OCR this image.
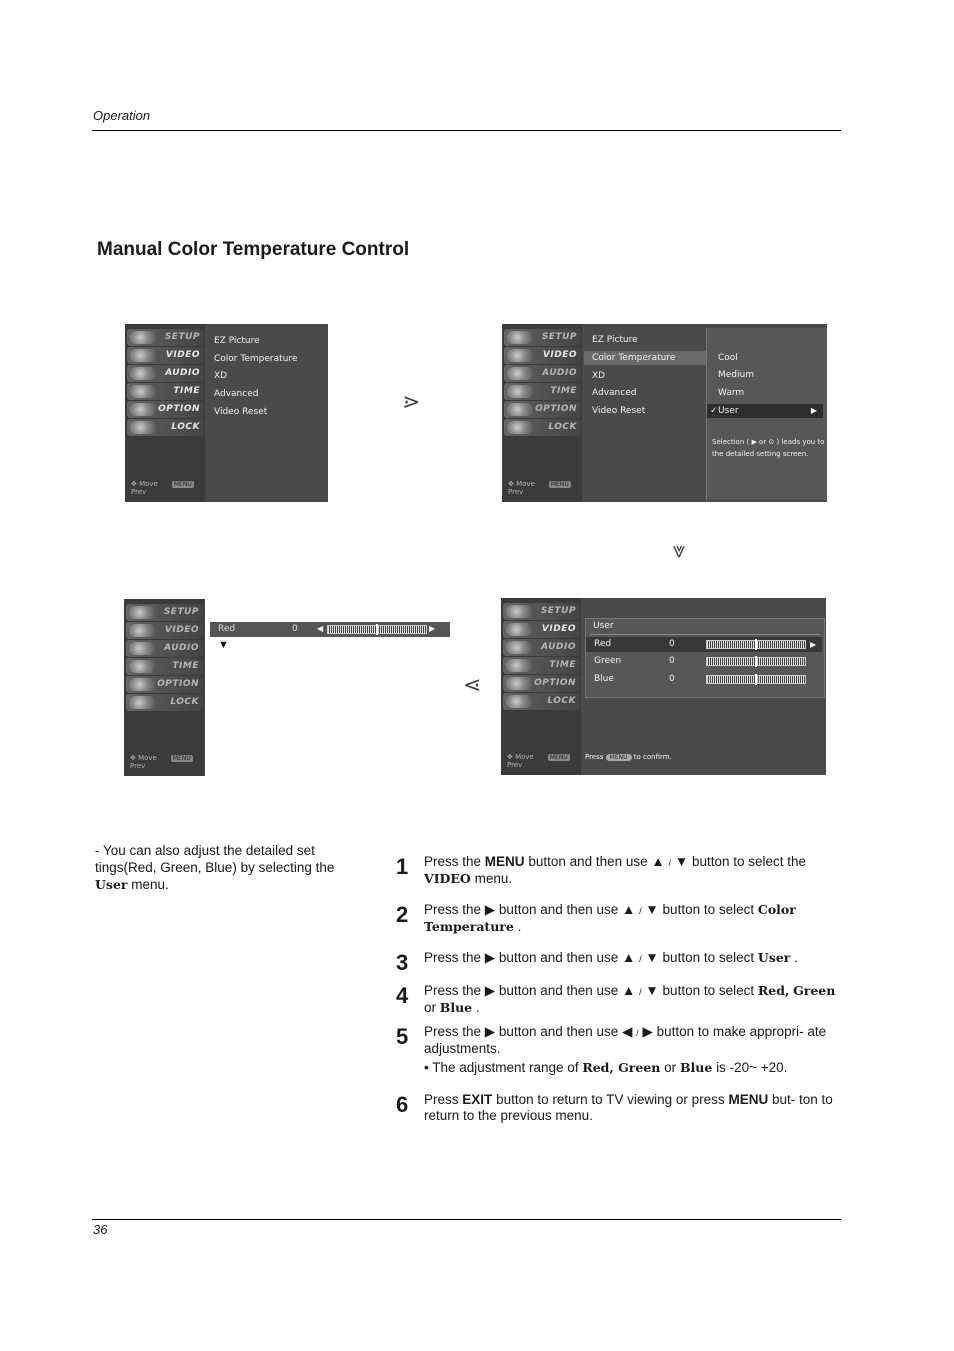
Operation
Manual Color Temperature Control
SETUP
VIDEO
AUDIO
TIME
OPTION
LOCK
✥ Move	MENU Prev
EZ Picture
Color Temperature
XD
Advanced
Video Reset	⋗
SETUP
VIDEO
AUDIO
TIME
OPTION
LOCK
✥ Move	MENU Prev
EZ Picture
Color Temperature
XD
Advanced
Video Reset
Cool
Medium
Warm
✓ User	▶
Selection ( ▶ or ⊙ ) leads you to the detailed setting screen.
⩔
SETUP
VIDEO
AUDIO
TIME
OPTION
LOCK
✥ Move	MENU Prev
Red	0 ◀	▶
▼
⋖
SETUP
VIDEO
AUDIO
TIME
OPTION
LOCK
✥ Move	MENU Prev
User
Red	0	▶
Green	0
Blue	0
Press MENU to confirm.
- You can also adjust the detailed set tings(Red, Green, Blue) by selecting the User menu.
1 Press the MENU button and then use ▲ / ▼ button to select the VIDEO menu.
2 Press the ▶ button and then use ▲ / ▼ button to select Color Temperature .
3 Press the ▶ button and then use ▲ / ▼ button to select User .
4 Press the ▶ button and then use ▲ / ▼ button to select Red, Green or Blue .
5 Press the ▶ button and then use ◀ / ▶ button to make appropri- ate adjustments.
• The adjustment range of Red, Green or Blue is -20~ +20.
6 Press EXIT button to return to TV viewing or press MENU but- ton to return to the previous menu.
36
